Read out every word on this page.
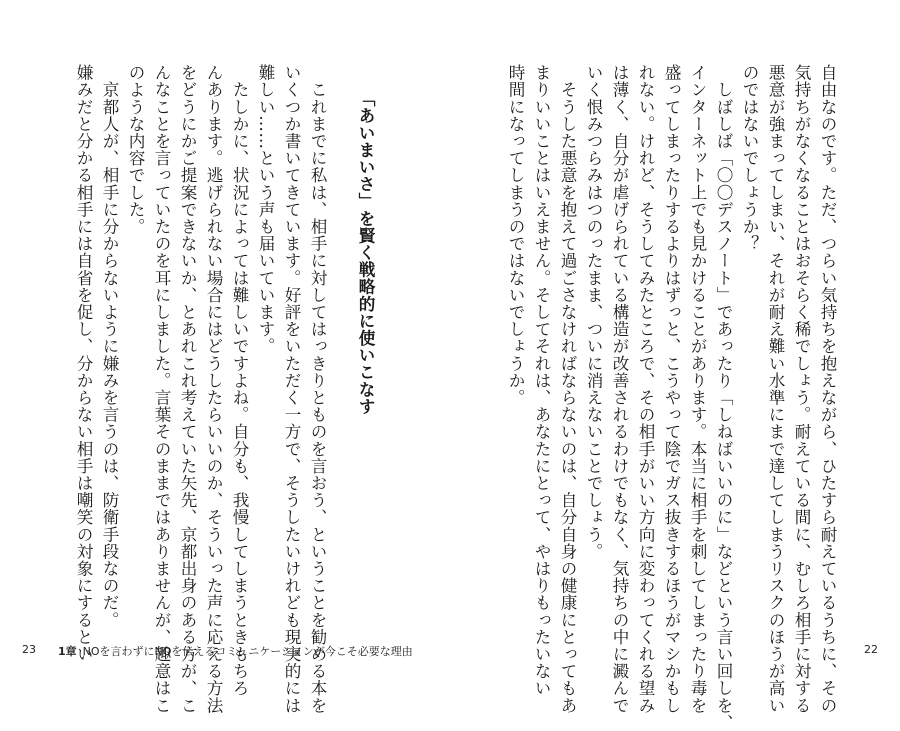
自由なのです。ただ、つらい気持ちを抱えながら、ひたすら耐えているうちに、その

気持ちがなくなることはおそらく稀でしょう。耐えている間に、むしろ相手に対する

悪意が強まってしまい、それが耐え難い水準にまで達してしまうリスクのほうが高い

のではないでしょうか？

　しばしば「〇〇デスノート」であったり「しねばいいのに」などという言い回しを、

インターネット上でも見かけることがあります。本当に相手を刺してしまったり毒を

盛ってしまったりするよりはずっと、こうやって陰でガス抜きするほうがマシかもし

れない。けれど、そうしてみたところで、その相手がいい方向に変わってくれる望み

は薄く、自分が虐げられている構造が改善されるわけでもなく、気持ちの中に澱んで

いく恨みつらみはつのったまま、ついに消えないことでしょう。

　そうした悪意を抱えて過ごさなければならないのは、自分自身の健康にとってもあ

まりいいことはいえません。そしてそれは、あなたにとって、やはりもったいない

時間になってしまうのではないでしょうか。

「あいまいさ」を賢く戦略的に使いこなす

　これまでに私は、相手に対してはっきりとものを言おう、ということを勧める本を

いくつか書いてきています。好評をいただく一方で、そうしたいけれども現実的には

難しい……という声も届いています。

　たしかに、状況によっては難しいですよね。自分も、我慢してしまうときもちろ

んあります。逃げられない場合にはどうしたらいいのか、そういった声に応える方法

をどうにかご提案できないか、とあれこれ考えていた矢先、京都出身のある方が、こ

んなことを言っていたのを耳にしました。言葉そのままではありませんが、趣意はこ

のような内容でした。

　京都人が、相手に分からないように嫌みを言うのは、防衛手段なのだ。

嫌みだと分かる相手には自省を促し、分からない相手は嘲笑の対象にするとい

23 1章 NOを言わずにNOを伝えるコミュニケーションが今こそ必要な理由	22
